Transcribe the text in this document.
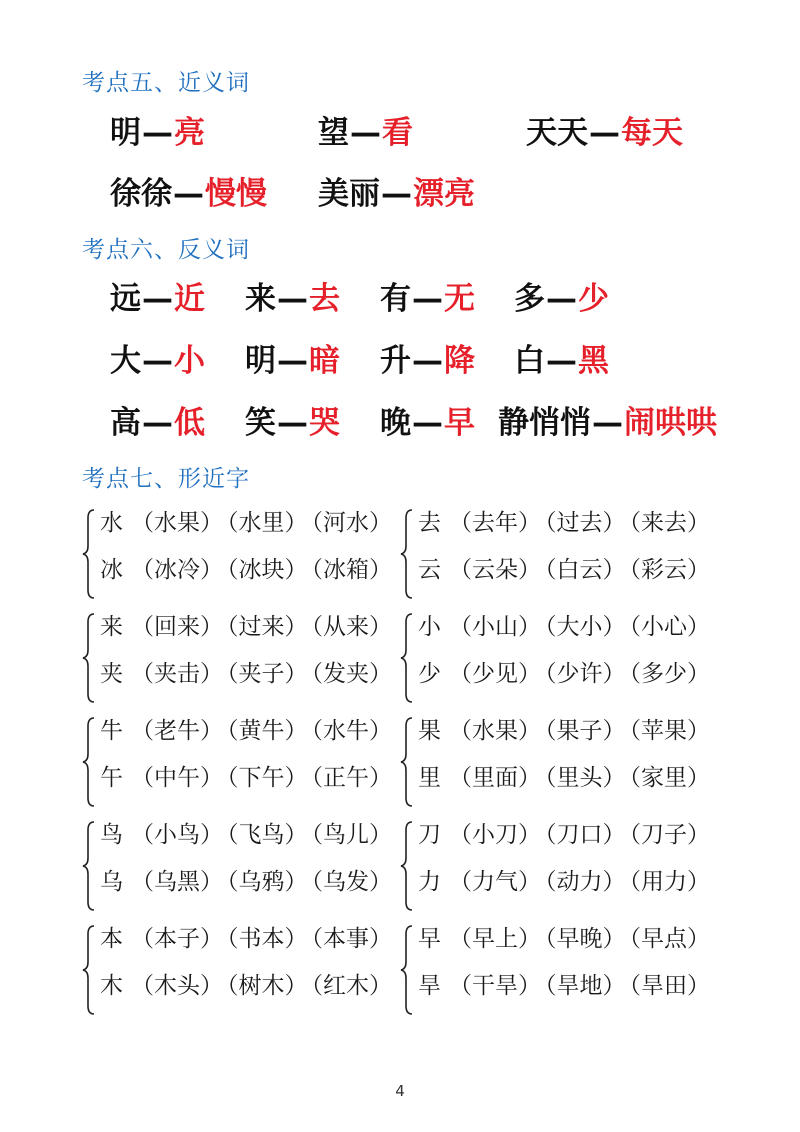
考点五、近义词
明—亮	望—看	天天—每天
徐徐—慢慢 美丽—漂亮
考点六、反义词
远—近 来—去 有—无 多—少
大—小 明—暗 升—降 白—黑
高—低 笑—哭 晚—早 静悄悄—闹哄哄
考点七、形近字
水 （水果） （水里） （河水）
冰 （冰冷） （冰块） （冰箱）
去 （去年） （过去） （来去）
云 （云朵） （白云） （彩云）
来 （回来） （过来） （从来）
夹 （夹击） （夹子） （发夹）
小 （小山） （大小） （小心）
少 （少见） （少许） （多少）
牛 （老牛） （黄牛） （水牛）
午 （中午） （下午） （正午）
果 （水果） （果子） （苹果）
里 （里面） （里头） （家里）
鸟 （小鸟） （飞鸟） （鸟儿）
乌 （乌黑） （乌鸦） （乌发）
刀 （小刀） （刀口） （刀子）
力 （力气） （动力） （用力）
本 （本子） （书本） （本事）
木 （木头） （树木） （红木）
早 （早上） （早晚） （早点）
旱 （干旱） （旱地） （旱田）
4
